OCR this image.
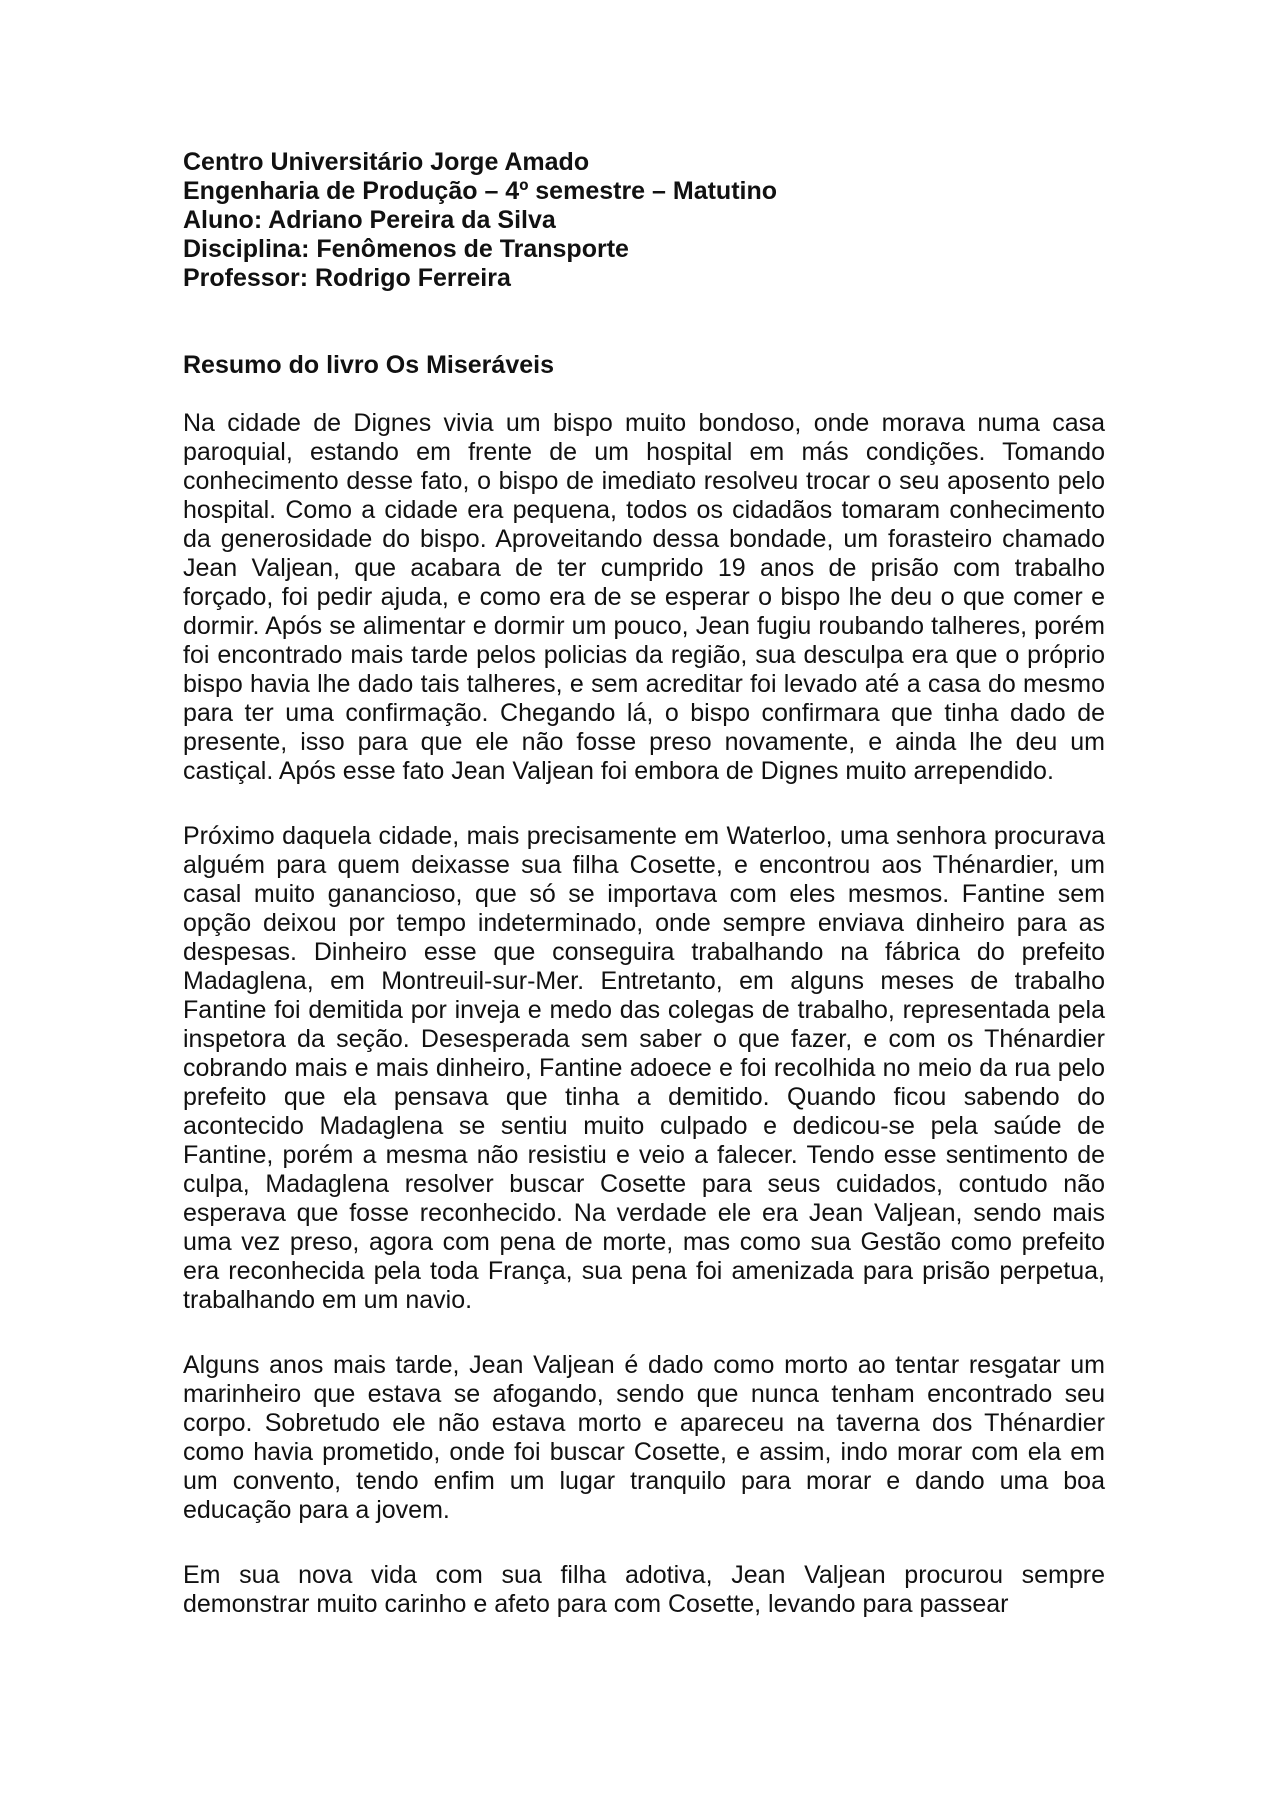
Centro Universitário Jorge Amado
Engenharia de Produção – 4º semestre – Matutino
Aluno: Adriano Pereira da Silva
Disciplina: Fenômenos de Transporte
Professor: Rodrigo Ferreira
Resumo do livro Os Miseráveis

Na cidade de Dignes vivia um bispo muito bondoso, onde morava numa casa paroquial, estando em frente de um hospital em más condições. Tomando conhecimento desse fato, o bispo de imediato resolveu trocar o seu aposento pelo hospital. Como a cidade era pequena, todos os cidadãos tomaram conhecimento da generosidade do bispo. Aproveitando dessa bondade, um forasteiro chamado Jean Valjean, que acabara de ter cumprido 19 anos de prisão com trabalho forçado, foi pedir ajuda, e como era de se esperar o bispo lhe deu o que comer e dormir. Após se alimentar e dormir um pouco, Jean fugiu roubando talheres, porém foi encontrado mais tarde pelos policias da região, sua desculpa era que o próprio bispo havia lhe dado tais talheres, e sem acreditar foi levado até a casa do mesmo para ter uma confirmação. Chegando lá, o bispo confirmara que tinha dado de presente, isso para que ele não fosse preso novamente, e ainda lhe deu um castiçal. Após esse fato Jean Valjean foi embora de Dignes muito arrependido.

Próximo daquela cidade, mais precisamente em Waterloo, uma senhora procurava alguém para quem deixasse sua filha Cosette, e encontrou aos Thénardier, um casal muito ganancioso, que só se importava com eles mesmos. Fantine sem opção deixou por tempo indeterminado, onde sempre enviava dinheiro para as despesas. Dinheiro esse que conseguira trabalhando na fábrica do prefeito Madaglena, em Montreuil-sur-Mer. Entretanto, em alguns meses de trabalho Fantine foi demitida por inveja e medo das colegas de trabalho, representada pela inspetora da seção. Desesperada sem saber o que fazer, e com os Thénardier cobrando mais e mais dinheiro, Fantine adoece e foi recolhida no meio da rua pelo prefeito que ela pensava que tinha a demitido. Quando ficou sabendo do acontecido Madaglena se sentiu muito culpado e dedicou-se pela saúde de Fantine, porém a mesma não resistiu e veio a falecer. Tendo esse sentimento de culpa, Madaglena resolver buscar Cosette para seus cuidados, contudo não esperava que fosse reconhecido. Na verdade ele era Jean Valjean, sendo mais uma vez preso, agora com pena de morte, mas como sua Gestão como prefeito era reconhecida pela toda França, sua pena foi amenizada para prisão perpetua, trabalhando em um navio.

Alguns anos mais tarde, Jean Valjean é dado como morto ao tentar resgatar um marinheiro que estava se afogando, sendo que nunca tenham encontrado seu corpo. Sobretudo ele não estava morto e apareceu na taverna dos Thénardier como havia prometido, onde foi buscar Cosette, e assim, indo morar com ela em um convento, tendo enfim um lugar tranquilo para morar e dando uma boa educação para a jovem.

Em sua nova vida com sua filha adotiva, Jean Valjean procurou sempre demonstrar muito carinho e afeto para com Cosette, levando para passear
